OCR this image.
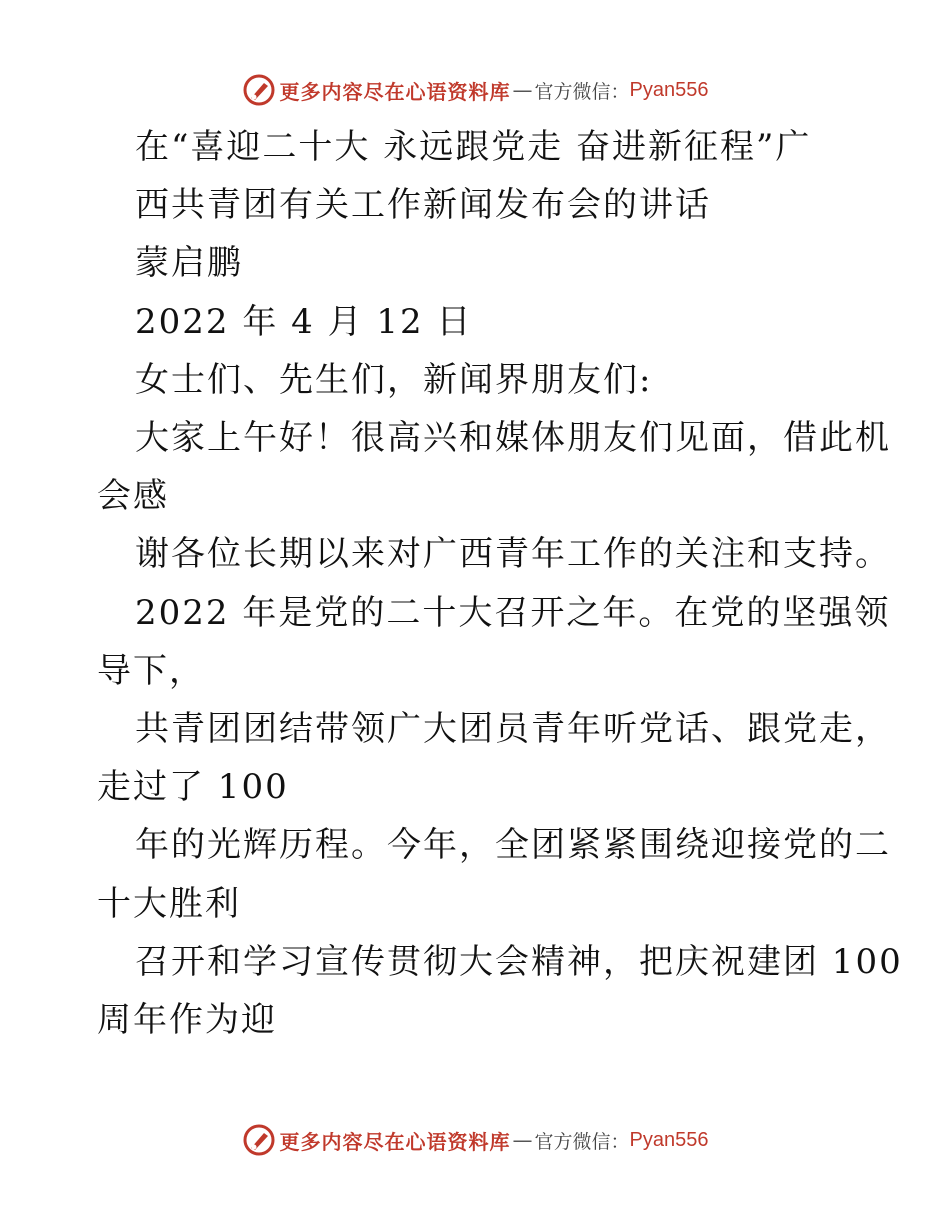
更多内容尽在心语资料库 — 官方微信： Pyan556

在“喜迎二十大 永远跟党走 奋进新征程”广

西共青团有关工作新闻发布会的讲话

蒙启鹏

2022 年 4 月 12 日

女士们、先生们，新闻界朋友们:

大家上午好！很高兴和媒体朋友们见面，借此机

会感

谢各位长期以来对广西青年工作的关注和支持。

2022 年是党的二十大召开之年。在党的坚强领

导下，

共青团团结带领广大团员青年听党话、跟党走，

走过了 100

年的光辉历程。今年，全团紧紧围绕迎接党的二

十大胜利

召开和学习宣传贯彻大会精神，把庆祝建团 100

周年作为迎

更多内容尽在心语资料库 — 官方微信： Pyan556
